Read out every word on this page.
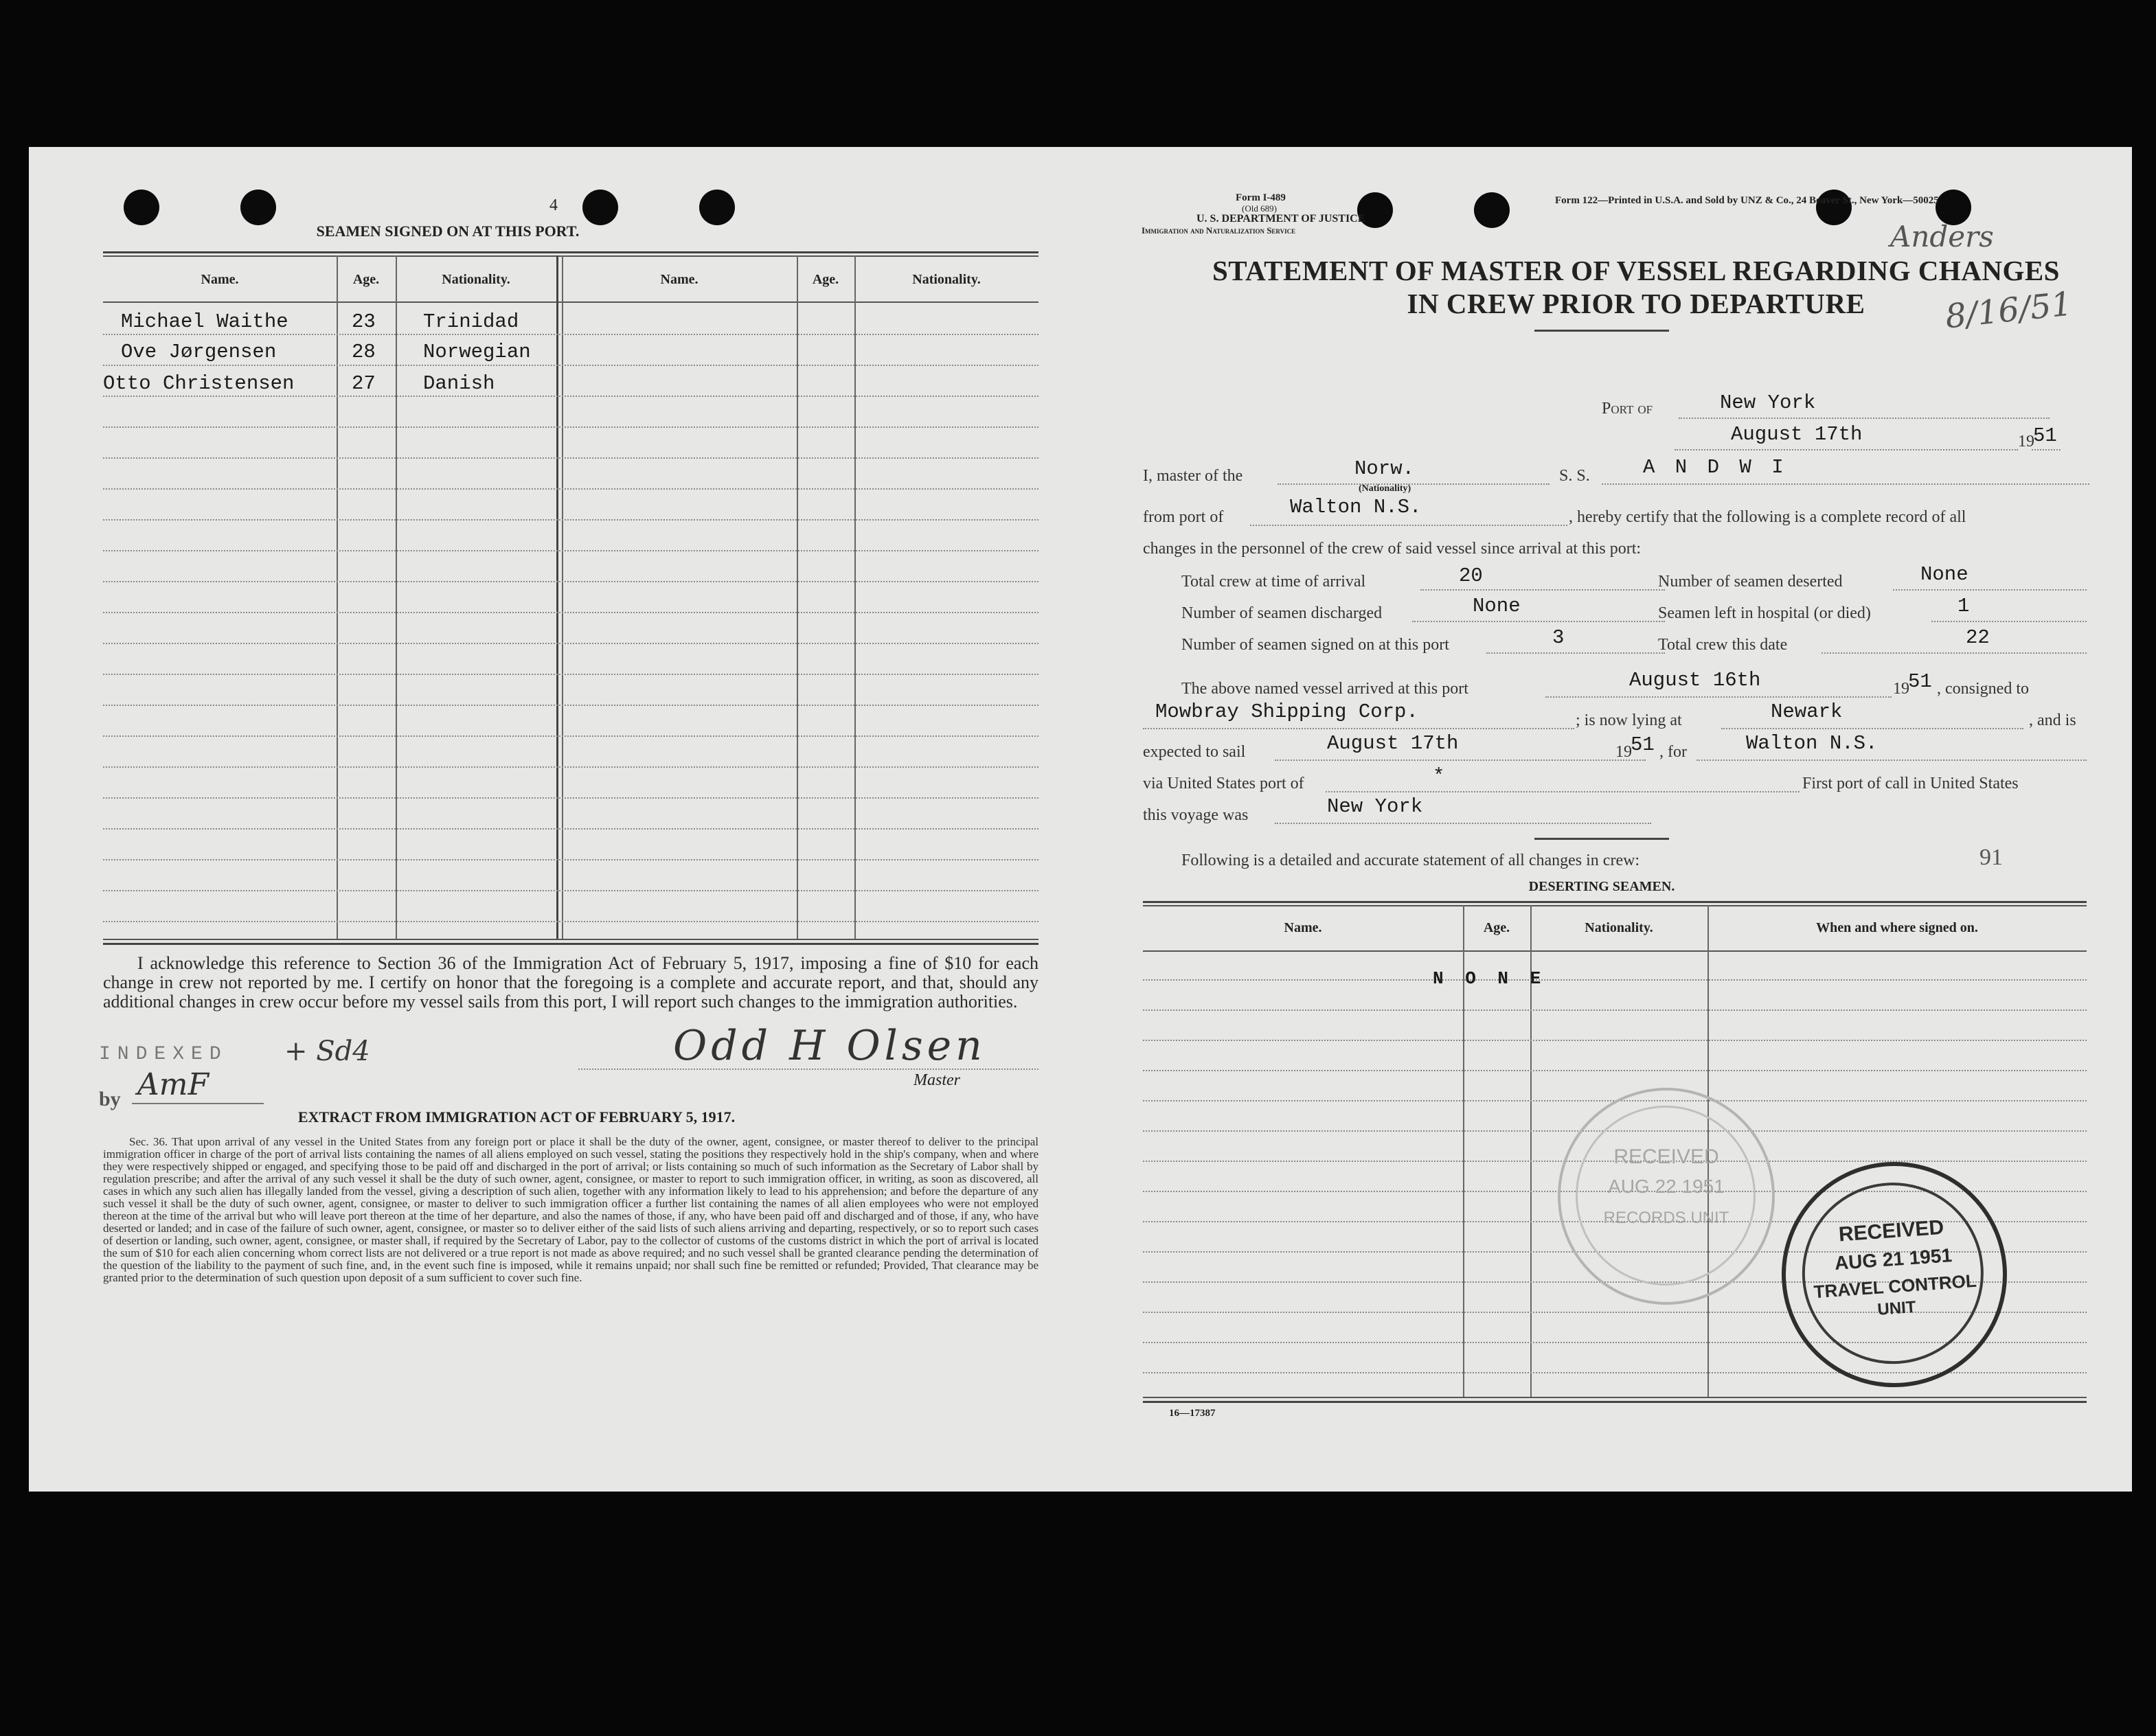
4
SEAMEN SIGNED ON AT THIS PORT.
Name.	Age.	Nationality.	Name.	Age.	Nationality.
Michael Waithe	23 Trinidad
Ove Jørgensen	28 Norwegian
Otto Christensen	27 Danish
I acknowledge this reference to Section 36 of the Immigration Act of February 5, 1917, imposing a fine of $10 for each change in crew not reported by me. I certify on honor that the foregoing is a complete and accurate report, and that, should any additional changes in crew occur before my vessel sails from this port, I will report such changes to the immigration authorities.
INDEXED + Sd4
by AmF
Odd H Olsen
Master
EXTRACT FROM IMMIGRATION ACT OF FEBRUARY 5, 1917.
Sec. 36. That upon arrival of any vessel in the United States from any foreign port or place it shall be the duty of the owner, agent, consignee, or master thereof to deliver to the principal immigration officer in charge of the port of arrival lists containing the names of all aliens employed on such vessel, stating the positions they respectively hold in the ship's company, when and where they were respectively shipped or engaged, and specifying those to be paid off and discharged in the port of arrival; or lists containing so much of such information as the Secretary of Labor shall by regulation prescribe; and after the arrival of any such vessel it shall be the duty of such owner, agent, consignee, or master to report to such immigration officer, in writing, as soon as discovered, all cases in which any such alien has illegally landed from the vessel, giving a description of such alien, together with any information likely to lead to his apprehension; and before the departure of any such vessel it shall be the duty of such owner, agent, consignee, or master to deliver to such immigration officer a further list containing the names of all alien employees who were not employed thereon at the time of the arrival but who will leave port thereon at the time of her departure, and also the names of those, if any, who have been paid off and discharged and of those, if any, who have deserted or landed; and in case of the failure of such owner, agent, consignee, or master so to deliver either of the said lists of such aliens arriving and departing, respectively, or so to report such cases of desertion or landing, such owner, agent, consignee, or master shall, if required by the Secretary of Labor, pay to the collector of customs of the customs district in which the port of arrival is located the sum of $10 for each alien concerning whom correct lists are not delivered or a true report is not made as above required; and no such vessel shall be granted clearance pending the determination of the question of the liability to the payment of such fine, and, in the event such fine is imposed, while it remains unpaid; nor shall such fine be remitted or refunded; Provided, That clearance may be granted prior to the determination of such question upon deposit of a sum sufficient to cover such fine.
Form I-489
(Old 689)
U. S. DEPARTMENT OF JUSTICE
Immigration and Naturalization Service
Form 122—Printed in U.S.A. and Sold by UNZ & Co., 24 Beaver St., New York—50025
Anders
8/16/51
STATEMENT OF MASTER OF VESSEL REGARDING CHANGES
IN CREW PRIOR TO DEPARTURE
Port of	New York
August 17th	19
51
I, master of the	Norw.
(Nationality)
S. S.	A N D W I
from port of	Walton N.S.	, hereby certify that the following is a complete record of all
changes in the personnel of the crew of said vessel since arrival at this port:
Total crew at time of arrival	20	Number of seamen deserted	None
Number of seamen discharged	None	Seamen left in hospital (or died)	1
Number of seamen signed on at this port	3	Total crew this date	22
The above named vessel arrived at this port	August 16th	19
51 , consigned to
Mowbray Shipping Corp.	; is now lying at	Newark	, and is
expected to sail	August 17th	19
51 , for	Walton N.S.
via United States port of	*	First port of call in United States
this voyage was	New York
Following is a detailed and accurate statement of all changes in crew:	91
DESERTING SEAMEN.
Name.	Age.	Nationality.	When and where signed on.
N O N E
RECEIVED
AUG 22 1951
RECORDS UNIT	RECEIVED
AUG 21 1951
TRAVEL CONTROL
UNIT
16—17387
